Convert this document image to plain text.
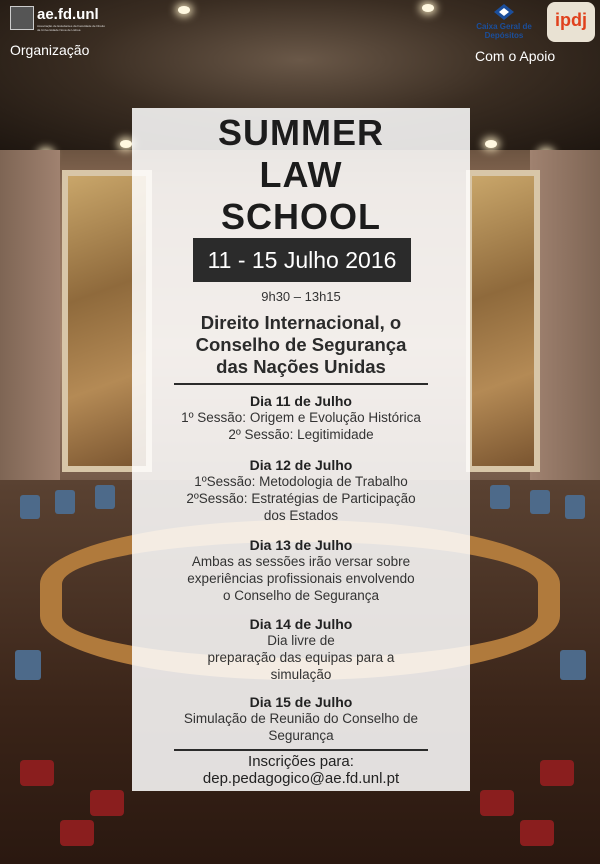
ae.fd.unl
Associação de Estudantes da Faculdade de Direito da Universidade Nova de Lisboa
Organização
Caixa Geral de Depósitos
ipdj
Com o Apoio
SUMMER
LAW
SCHOOL
11 - 15 Julho 2016
9h30 – 13h15
Direito Internacional, o
Conselho de Segurança
das Nações Unidas
Dia 11 de Julho
1º Sessão: Origem e Evolução Histórica
2º Sessão: Legitimidade
Dia 12 de Julho
1ºSessão: Metodologia de Trabalho
2ºSessão: Estratégias de Participação
dos Estados
Dia 13 de Julho
Ambas as sessões irão versar sobre
experiências profissionais envolvendo
o Conselho de Segurança
Dia 14 de Julho
Dia livre de
preparação das equipas para a
simulação
Dia 15 de Julho
Simulação de Reunião do Conselho de
Segurança
Inscrições para:
dep.pedagogico@ae.fd.unl.pt
